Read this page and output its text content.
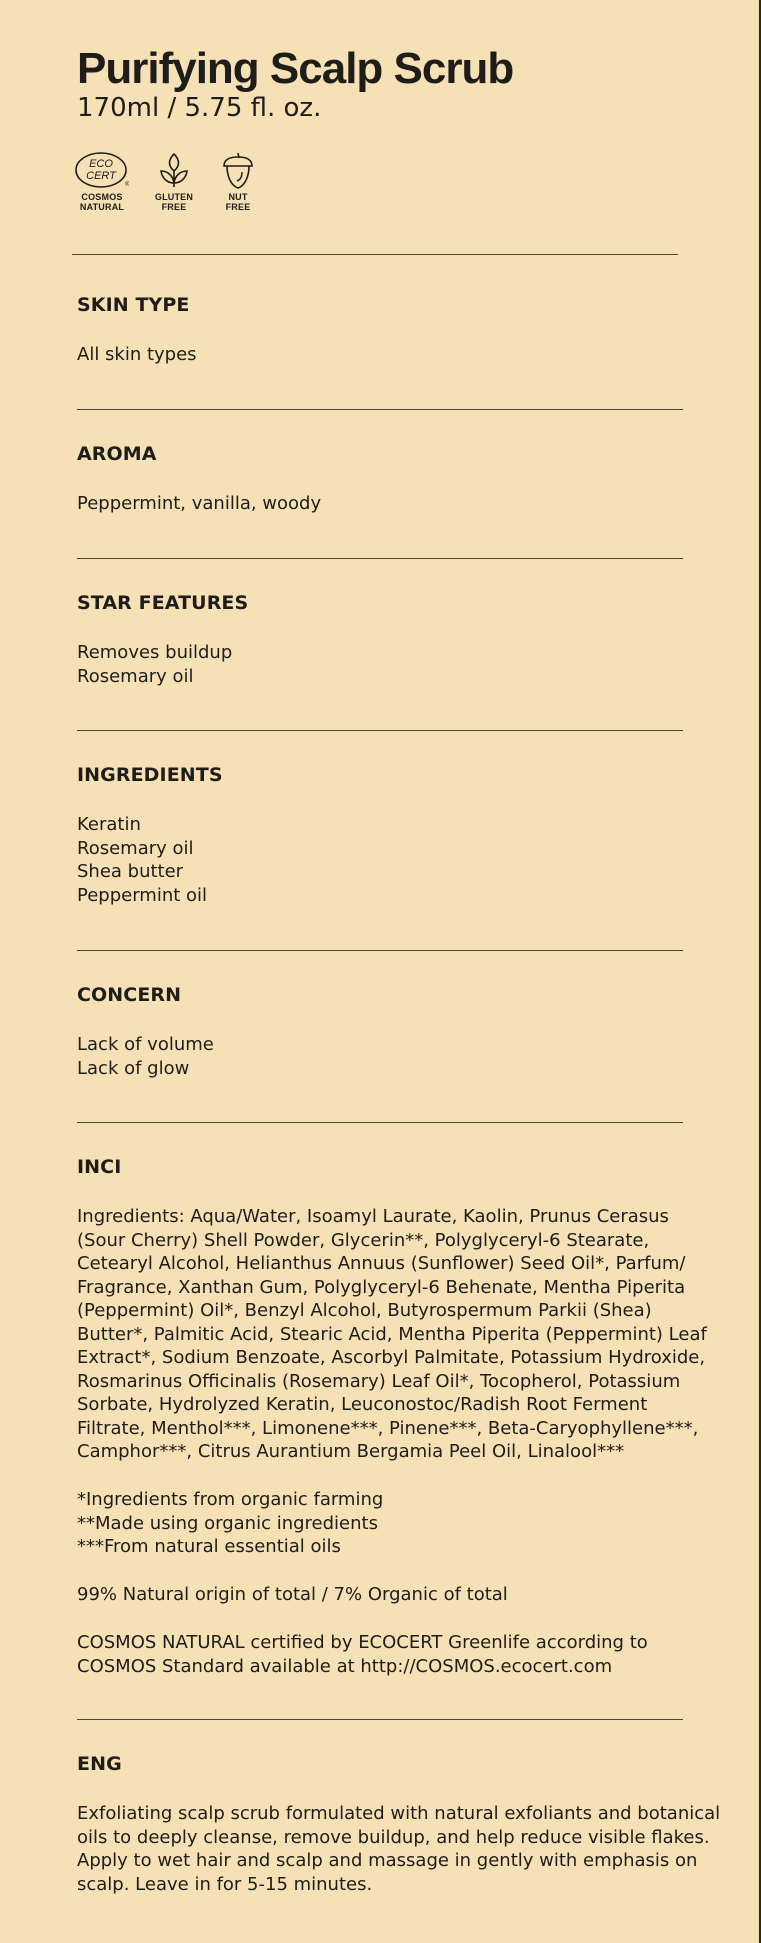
Purifying Scalp Scrub
170ml / 5.75 fl. oz.
ECO
CERT
®
COSMOS
NATURAL
GLUTEN
FREE
NUT
FREE
SKIN TYPE
All skin types
AROMA
Peppermint, vanilla, woody
STAR FEATURES
Removes buildup
Rosemary oil
INGREDIENTS
Keratin
Rosemary oil
Shea butter
Peppermint oil
CONCERN
Lack of volume
Lack of glow
INCI
Ingredients: Aqua/Water, Isoamyl Laurate, Kaolin, Prunus Cerasus
(Sour Cherry) Shell Powder, Glycerin**, Polyglyceryl-6 Stearate,
Cetearyl Alcohol, Helianthus Annuus (Sunflower) Seed Oil*, Parfum/
Fragrance, Xanthan Gum, Polyglyceryl-6 Behenate, Mentha Piperita
(Peppermint) Oil*, Benzyl Alcohol, Butyrospermum Parkii (Shea)
Butter*, Palmitic Acid, Stearic Acid, Mentha Piperita (Peppermint) Leaf
Extract*, Sodium Benzoate, Ascorbyl Palmitate, Potassium Hydroxide,
Rosmarinus Officinalis (Rosemary) Leaf Oil*, Tocopherol, Potassium
Sorbate, Hydrolyzed Keratin, Leuconostoc/Radish Root Ferment
Filtrate, Menthol***, Limonene***, Pinene***, Beta-Caryophyllene***,
Camphor***, Citrus Aurantium Bergamia Peel Oil, Linalool***
*Ingredients from organic farming
**Made using organic ingredients
***From natural essential oils
99% Natural origin of total / 7% Organic of total
COSMOS NATURAL certified by ECOCERT Greenlife according to
COSMOS Standard available at http://COSMOS.ecocert.com
ENG
Exfoliating scalp scrub formulated with natural exfoliants and botanical
oils to deeply cleanse, remove buildup, and help reduce visible flakes.
Apply to wet hair and scalp and massage in gently with emphasis on
scalp. Leave in for 5-15 minutes.
